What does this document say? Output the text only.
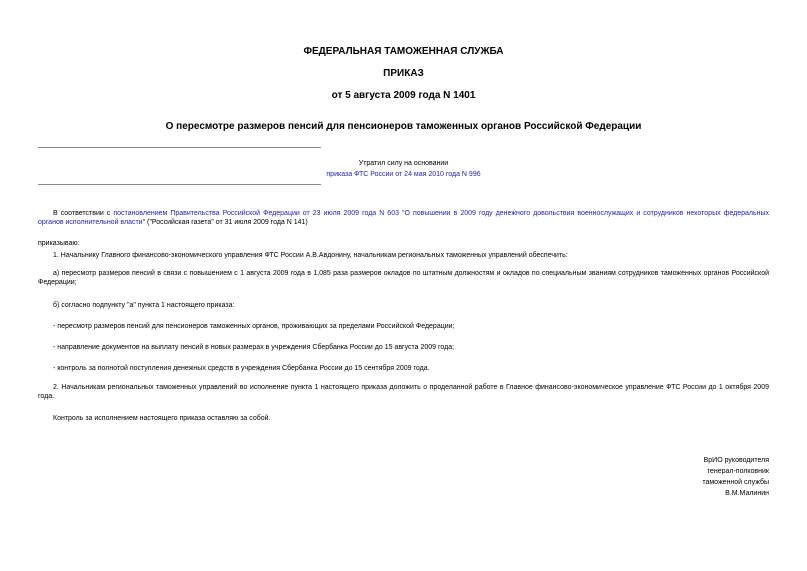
ФЕДЕРАЛЬНАЯ ТАМОЖЕННАЯ СЛУЖБА
ПРИКАЗ
от 5 августа 2009 года N 1401
О пересмотре размеров пенсий для пенсионеров таможенных органов Российской Федерации
Утратил силу на основании
приказа ФТС России от 24 мая 2010 года N 996

В соответствии с постановлением Правительства Российской Федерации от 23 июля 2009 года N 603 "О повышении в 2009 году денежного довольствия военнослужащих и сотрудников некоторых федеральных органов исполнительной власти" ("Российская газета" от 31 июля 2009 года N 141)

приказываю:

1. Начальнику Главного финансово-экономического управления ФТС России А.В.Авдонину, начальникам региональных таможенных управлений обеспечить:

а) пересмотр размеров пенсий в связи с повышением с 1 августа 2009 года в 1,085 раза размеров окладов по штатным должностям и окладов по специальным званиям сотрудников таможенных органов Российской Федерации;

б) согласно подпункту "а" пункта 1 настоящего приказа:

- пересмотр размеров пенсий для пенсионеров таможенных органов, проживающих за пределами Российской Федерации;

- направление документов на выплату пенсий в новых размерах в учреждения Сбербанка России до 15 августа 2009 года;

- контроль за полнотой поступления денежных средств в учреждения Сбербанка России до 15 сентября 2009 года.

2. Начальникам региональных таможенных управлений во исполнение пункта 1 настоящего приказа доложить о проделанной работе в Главное финансово-экономическое управление ФТС России до 1 октября 2009 года.

Контроль за исполнением настоящего приказа оставляю за собой.

ВрИО руководителя
генерал-полковник
таможенной службы
В.М.Малинин
